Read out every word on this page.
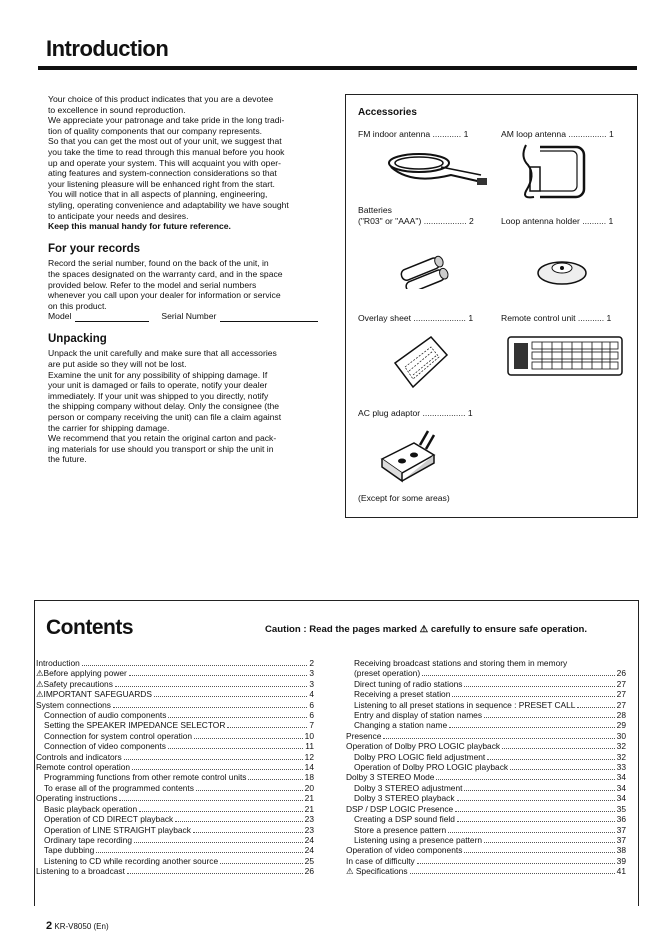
Introduction

Your choice of this product indicates that you are a devotee

to excellence in sound reproduction.

We appreciate your patronage and take pride in the long tradi-

tion of quality components that our company represents.

So that you can get the most out of your unit, we suggest that

you take the time to read through this manual before you hook

up and operate your system. This will acquaint you with oper-

ating features and system-connection considerations so that

your listening pleasure will be enhanced right from the start.

You will notice that in all aspects of planning, engineering,

styling, operating convenience and adaptability we have sought

to anticipate your needs and desires.

Keep this manual handy for future reference.

For your records

Record the serial number, found on the back of the unit, in

the spaces designated on the warranty card, and in the space

provided below. Refer to the model and serial numbers

whenever you call upon your dealer for information or service

on this product.

Model	Serial Number
Unpacking

Unpack the unit carefully and make sure that all accessories

are put aside so they will not be lost.

Examine the unit for any possibility of shipping damage. If

your unit is damaged or fails to operate, notify your dealer

immediately. If your unit was shipped to you directly, notify

the shipping company without delay. Only the consignee (the

person or company receiving the unit) can file a claim against

the carrier for shipping damage.

We recommend that you retain the original carton and pack-

ing materials for use should you transport or ship the unit in

the future.

Accessories

FM indoor antenna ............ 1	AM loop antenna ................ 1
Batteries
("R03" or "AAA") .................. 2	Loop antenna holder .......... 1
Overlay sheet ...................... 1	Remote control unit ........... 1
AC plug adaptor .................. 1
(Except for some areas)
Contents	Caution : Read the pages marked ⚠ carefully to ensure safe operation.
Introduction	2
⚠Before applying power	3
⚠Safety precautions	3
⚠IMPORTANT SAFEGUARDS	4
System connections	6
Connection of audio components	6
Setting the SPEAKER IMPEDANCE SELECTOR	7
Connection for system control operation	10
Connection of video components	11
Controls and indicators	12
Remote control operation	14
Programming functions from other remote control units	18
To erase all of the programmed contents	20
Operating instructions	21
Basic playback operation	21
Operation of CD DIRECT playback	23
Operation of LINE STRAIGHT playback	23
Ordinary tape recording	24
Tape dubbing	24
Listening to CD while recording another source	25
Listening to a broadcast	26
Receiving broadcast stations and storing them in memory
(preset operation)	26
Direct tuning of radio stations	27
Receiving a preset station	27
Listening to all preset stations in sequence : PRESET CALL	27
Entry and display of station names	28
Changing a station name	29
Presence	30
Operation of Dolby PRO LOGIC playback	32
Dolby PRO LOGIC field adjustment	32
Operation of Dolby PRO LOGIC playback	33
Dolby 3 STEREO Mode	34
Dolby 3 STEREO adjustment	34
Dolby 3 STEREO playback	34
DSP / DSP LOGIC Presence	35
Creating a DSP sound field	36
Store a presence pattern	37
Listening using a presence pattern	37
Operation of video components	38
In case of difficulty	39
⚠ Specifications	41
2 KR-V8050 (En)
